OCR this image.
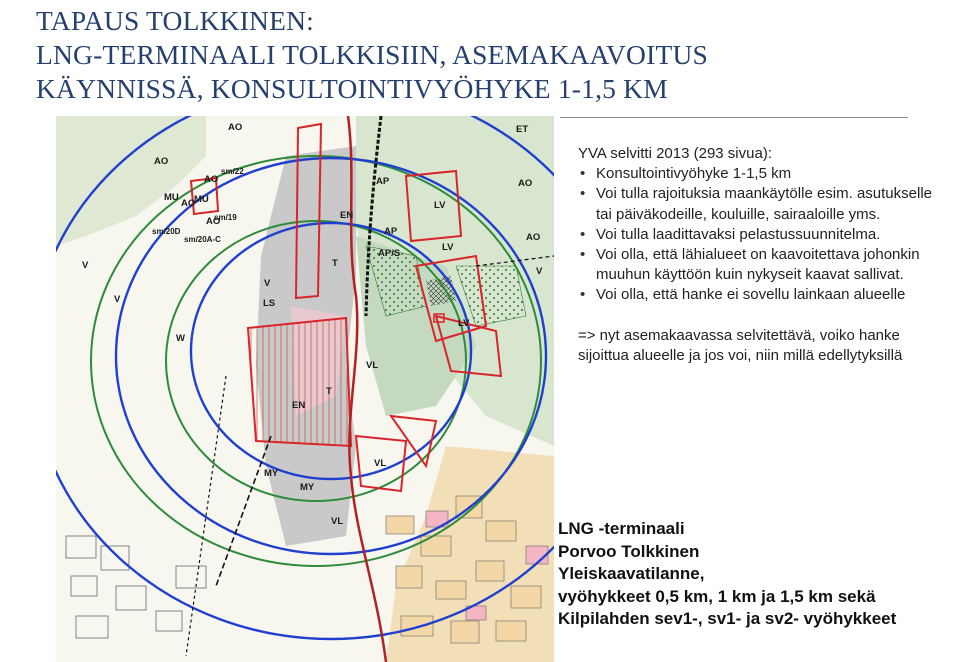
TAPAUS TOLKKINEN:
LNG-TERMINAALI TOLKKISIIN, ASEMAKAAVOITUS
KÄYNNISSÄ, KONSULTOINTIVYÖHYKE 1-1,5 KM
AO
AO
AO
AO
AO
sm/22
sm/19
sm/20D
sm/20A-C
MU MU
V
V
V
LS
W
T
T
EN
EN
AP
AP
AP/S
LV
LV
LV
VL
VL
VL
MY
MY
ET
AO
AO
V
YVA selvitti 2013 (293 sivua):
• Konsultointivyöhyke 1-1,5 km
• Voi tulla rajoituksia maankäytölle esim. asutukselle tai päiväkodeille, kouluille, sairaaloille yms.
• Voi tulla laadittavaksi pelastussuunnitelma.
• Voi olla, että lähialueet on kaavoitettava johonkin muuhun käyttöön kuin nykyseit kaavat sallivat.
• Voi olla, että hanke ei sovellu lainkaan alueelle
=> nyt asemakaavassa selvitettävä, voiko hanke sijoittua alueelle ja jos voi, niin millä edellytyksillä
LNG -terminaali
Porvoo Tolkkinen
Yleiskaavatilanne,
vyöhykkeet 0,5 km, 1 km ja 1,5 km sekä
Kilpilahden sev1-, sv1- ja sv2- vyöhykkeet
